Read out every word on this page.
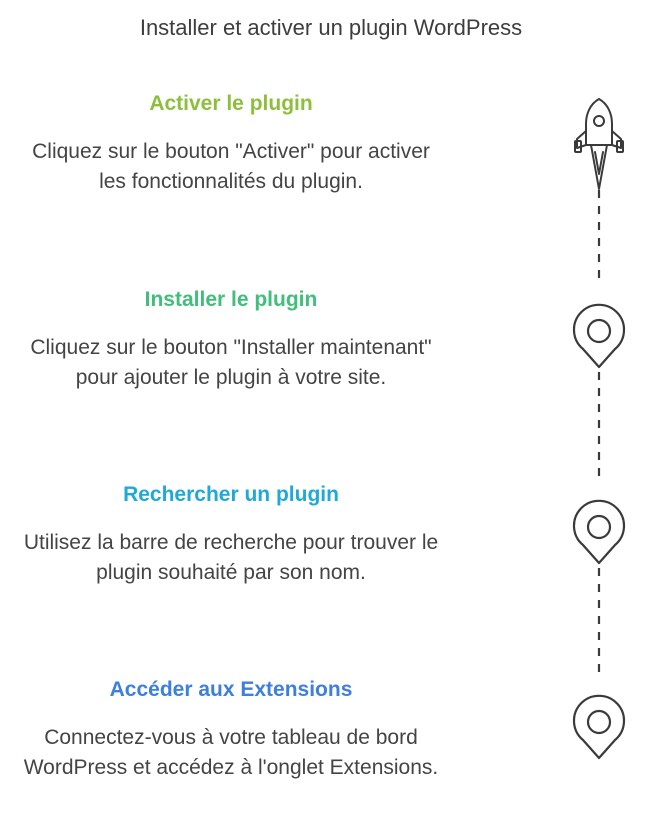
Installer et activer un plugin WordPress
Activer le plugin
Cliquez sur le bouton "Activer" pour activer les fonctionnalités du plugin.
Installer le plugin
Cliquez sur le bouton "Installer maintenant" pour ajouter le plugin à votre site.
Rechercher un plugin
Utilisez la barre de recherche pour trouver le plugin souhaité par son nom.
Accéder aux Extensions
Connectez-vous à votre tableau de bord WordPress et accédez à l'onglet Extensions.
